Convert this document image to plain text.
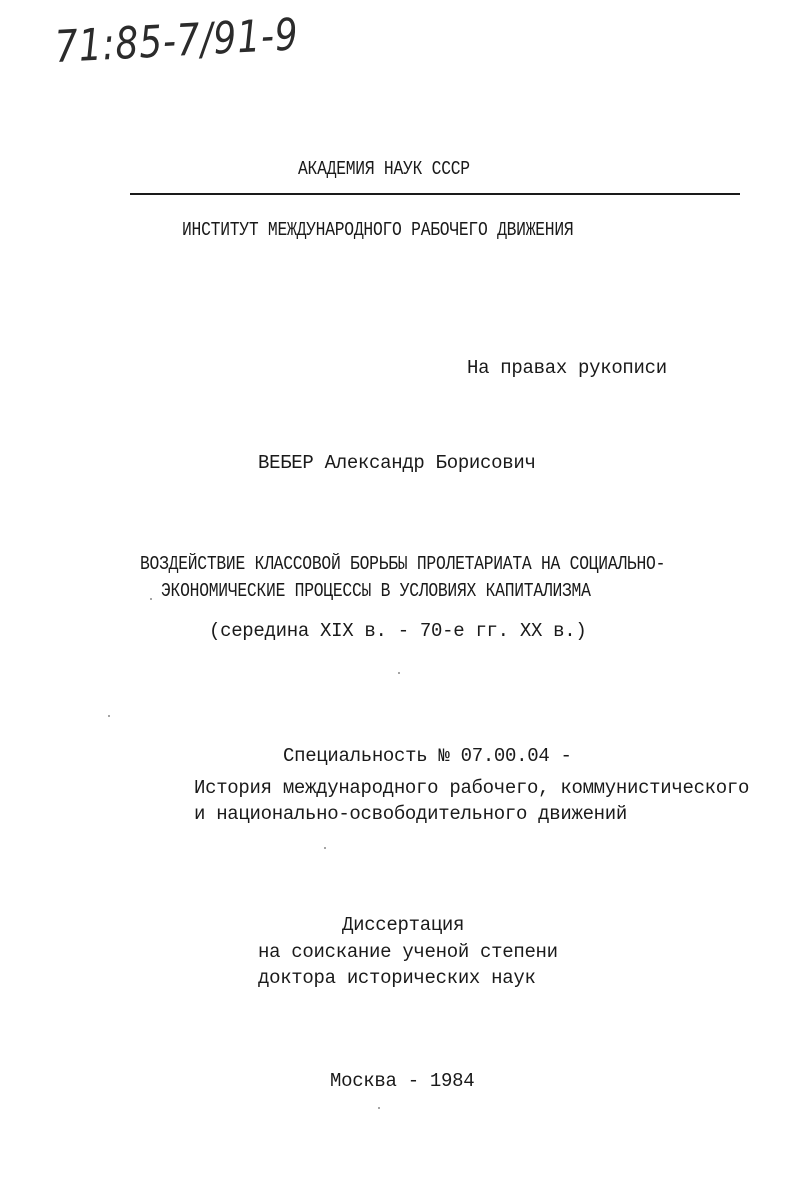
71:85-7/91-9
АКАДЕМИЯ НАУК СССР
ИНСТИТУТ МЕЖДУНАРОДНОГО РАБОЧЕГО ДВИЖЕНИЯ
На правах рукописи
ВЕБЕР Александр Борисович
ВОЗДЕЙСТВИЕ КЛАССОВОЙ БОРЬБЫ ПРОЛЕТАРИАТА НА СОЦИАЛЬНО-
ЭКОНОМИЧЕСКИЕ ПРОЦЕССЫ В УСЛОВИЯХ КАПИТАЛИЗМА
(середина XIX в. - 70-е гг. XX в.)
Специальность № 07.00.04 -
История международного рабочего, коммунистического
и национально-освободительного движений
Диссертация
на соискание ученой степени
доктора исторических наук
Москва - 1984
